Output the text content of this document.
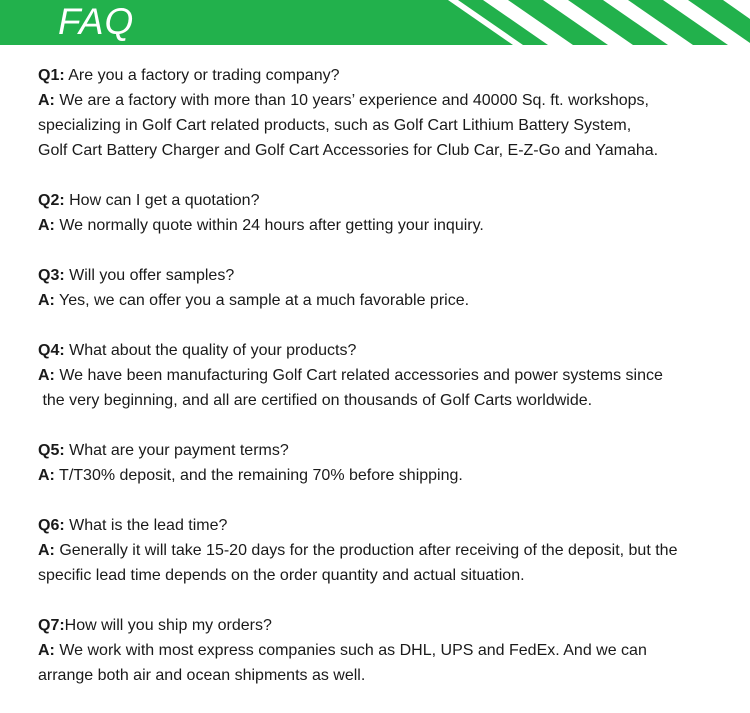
FAQ
Q1: Are you a factory or trading company?
A: We are a factory with more than 10 years’ experience and 40000 Sq. ft. workshops,
specializing in Golf Cart related products, such as Golf Cart Lithium Battery System,
Golf Cart Battery Charger and Golf Cart Accessories for Club Car, E-Z-Go and Yamaha.
Q2: How can I get a quotation?
A: We normally quote within 24 hours after getting your inquiry.
Q3: Will you offer samples?
A: Yes, we can offer you a sample at a much favorable price.
Q4: What about the quality of your products?
A: We have been manufacturing Golf Cart related accessories and power systems since
the very beginning, and all are certified on thousands of Golf Carts worldwide.
Q5: What are your payment terms?
A: T/T30% deposit, and the remaining 70% before shipping.
Q6: What is the lead time?
A: Generally it will take 15-20 days for the production after receiving of the deposit, but the
specific lead time depends on the order quantity and actual situation.
Q7:How will you ship my orders?
A: We work with most express companies such as DHL, UPS and FedEx. And we can
arrange both air and ocean shipments as well.
